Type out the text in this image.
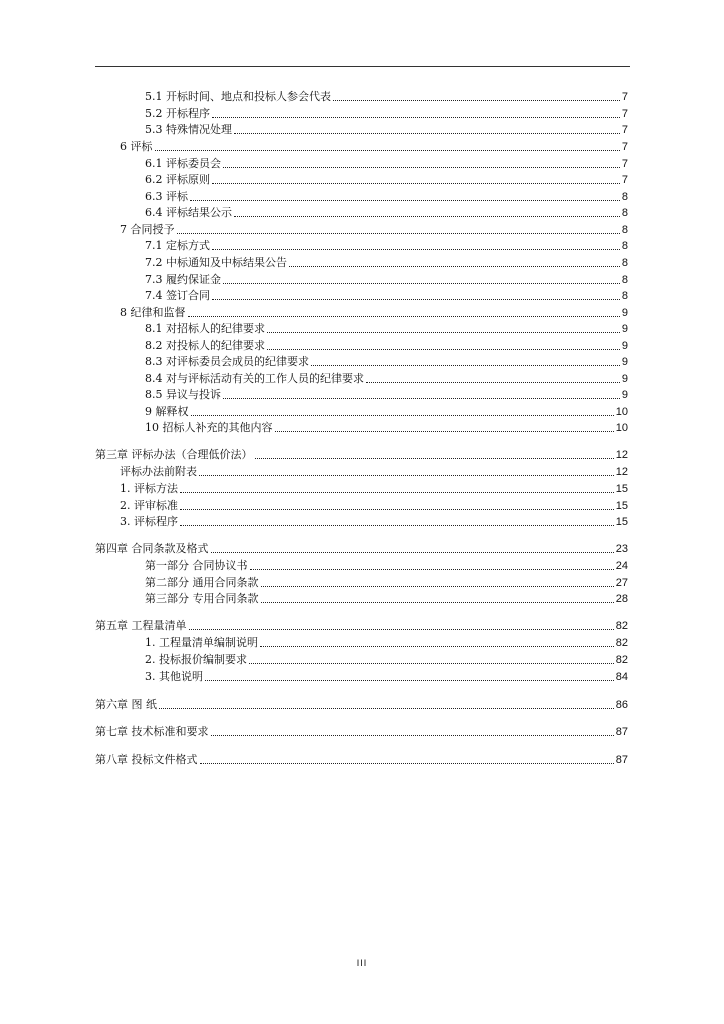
5.1 开标时间、地点和投标人参会代表	7
5.2 开标程序	7
5.3 特殊情况处理	7
6 评标	7
6.1 评标委员会	7
6.2 评标原则	7
6.3 评标	8
6.4 评标结果公示	8
7 合同授予	8
7.1 定标方式	8
7.2 中标通知及中标结果公告	8
7.3 履约保证金	8
7.4 签订合同	8
8 纪律和监督	9
8.1 对招标人的纪律要求	9
8.2 对投标人的纪律要求	9
8.3 对评标委员会成员的纪律要求	9
8.4 对与评标活动有关的工作人员的纪律要求	9
8.5 异议与投诉	9
9 解释权	10
10 招标人补充的其他内容	10
第三章 评标办法（合理低价法）	12
评标办法前附表	12
1. 评标方法	15
2. 评审标准	15
3. 评标程序	15
第四章 合同条款及格式	23
第一部分 合同协议书	24
第二部分 通用合同条款	27
第三部分 专用合同条款	28
第五章 工程量清单	82
1. 工程量清单编制说明	82
2. 投标报价编制要求	82
3. 其他说明	84
第六章 图 纸	86
第七章 技术标准和要求	87
第八章 投标文件格式	87
III
